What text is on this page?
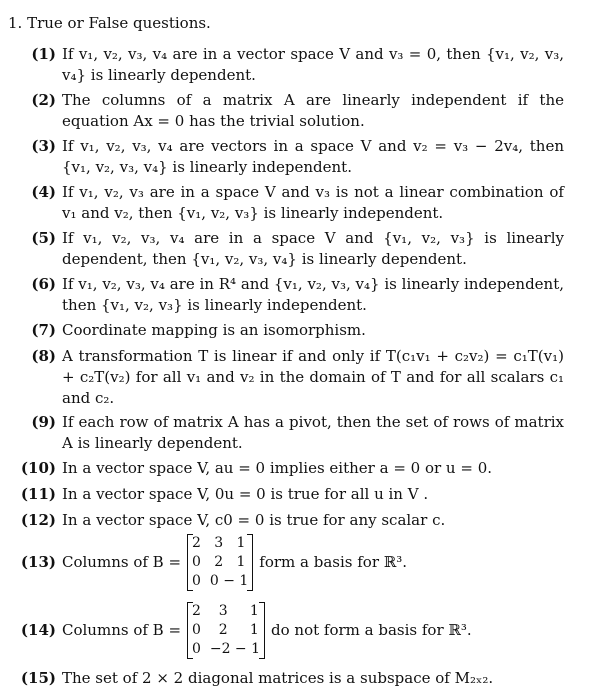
1. True or False questions.
(1) If v₁, v₂, v₃, v₄ are in a vector space V and v₃ = 0, then {v₁, v₂, v₃, v₄} is linearly dependent.
(2) The columns of a matrix A are linearly independent if the equation Ax = 0 has the trivial solution.
(3) If v₁, v₂, v₃, v₄ are vectors in a space V and v₂ = v₃ − 2v₄, then {v₁, v₂, v₃, v₄} is linearly independent.
(4) If v₁, v₂, v₃ are in a space V and v₃ is not a linear combination of v₁ and v₂, then {v₁, v₂, v₃} is linearly independent.
(5) If v₁, v₂, v₃, v₄ are in a space V and {v₁, v₂, v₃} is linearly dependent, then {v₁, v₂, v₃, v₄} is linearly dependent.
(6) If v₁, v₂, v₃, v₄ are in R⁴ and {v₁, v₂, v₃, v₄} is linearly independent, then {v₁, v₂, v₃} is linearly independent.
(7) Coordinate mapping is an isomorphism.
(8) A transformation T is linear if and only if T(c₁v₁ + c₂v₂) = c₁T(v₁) + c₂T(v₂) for all v₁ and v₂ in the domain of T and for all scalars c₁ and c₂.
(9) If each row of matrix A has a pivot, then the set of rows of matrix A is linearly dependent.
(10) In a vector space V, au = 0 implies either a = 0 or u = 0.
(11) In a vector space V, 0u = 0 is true for all u in V .
(12) In a vector space V, c0 = 0 is true for any scalar c.
(13) Columns of B =
2   3   1
0   2   1
0  0 − 1
form a basis for ℝ³.
(14) Columns of B =
2    3     1
0    2     1
0  −2 − 1
do not form a basis for ℝ³.
(15) The set of 2 × 2 diagonal matrices is a subspace of M₂ₓ₂.
